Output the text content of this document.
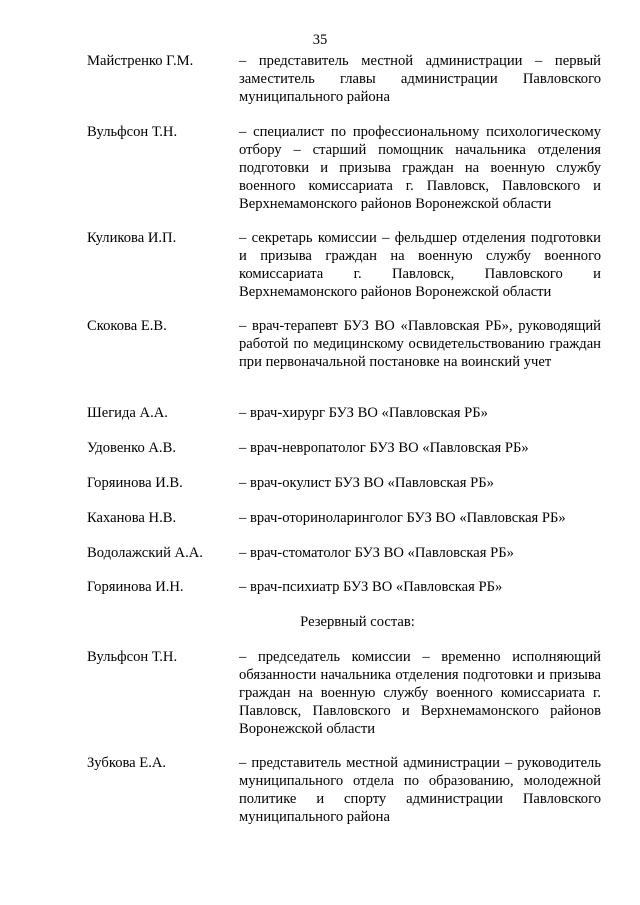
35
Майстренко Г.М.	– представитель местной администрации – первый заместитель главы администрации Павловского муниципального района
Вульфсон Т.Н.	– специалист по профессиональному психологическому отбору – старший помощник начальника отделения подготовки и призыва граждан на военную службу военного комиссариата г. Павловск, Павловского и Верхнемамонского районов Воронежской области
Куликова И.П.	– секретарь комиссии – фельдшер отделения подготовки и призыва граждан на военную службу военного комиссариата г. Павловск, Павловского и Верхнемамонского районов Воронежской области
Скокова Е.В.	– врач-терапевт БУЗ ВО «Павловская РБ», руководящий работой по медицинскому освидетельствованию граждан при первоначальной постановке на воинский учет
Шегида А.А.	– врач-хирург БУЗ ВО «Павловская РБ»
Удовенко А.В.	– врач-невропатолог БУЗ ВО «Павловская РБ»
Горяинова И.В.	– врач-окулист БУЗ ВО «Павловская РБ»
Каханова Н.В.	– врач-оториноларинголог БУЗ ВО «Павловская РБ»
Водолажский А.А.	– врач-стоматолог БУЗ ВО «Павловская РБ»
Горяинова И.Н.	– врач-психиатр БУЗ ВО «Павловская РБ»
Резервный состав:
Вульфсон Т.Н.	– председатель комиссии – временно исполняющий обязанности начальника отделения подготовки и призыва граждан на военную службу военного комиссариата г. Павловск, Павловского и Верхнемамонского районов Воронежской области
Зубкова Е.А.	– представитель местной администрации – руководитель муниципального отдела по образованию, молодежной политике и спорту администрации Павловского муниципального района
